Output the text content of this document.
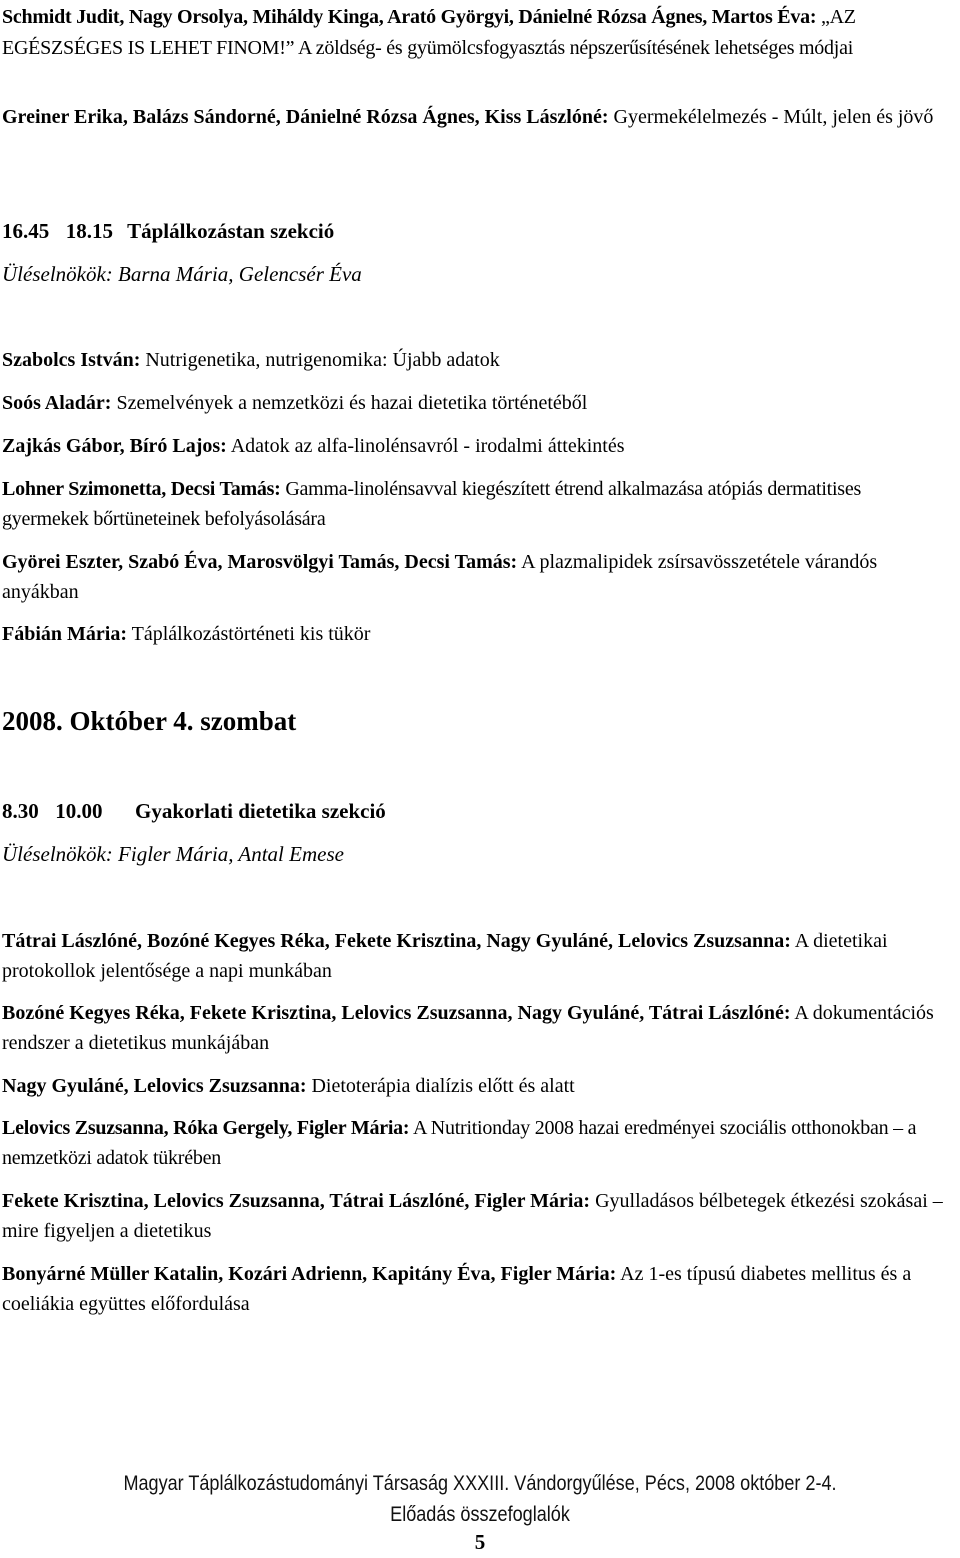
Schmidt Judit, Nagy Orsolya, Miháldy Kinga, Arató Györgyi, Dánielné Rózsa Ágnes, Martos Éva: „AZ EGÉSZSÉGES IS LEHET FINOM!” A zöldség- és gyümölcsfogyasztás népszerűsítésének lehetséges módjai

Greiner Erika, Balázs Sándorné, Dánielné Rózsa Ágnes, Kiss Lászlóné: Gyermekélelmezés - Múlt, jelen és jövő

16.45 18.15 Táplálkozástan szekció
Üléselnökök: Barna Mária, Gelencsér Éva

Szabolcs István: Nutrigenetika, nutrigenomika: Újabb adatok

Soós Aladár: Szemelvények a nemzetközi és hazai dietetika történetéből

Zajkás Gábor, Bíró Lajos: Adatok az alfa-linolénsavról - irodalmi áttekintés

Lohner Szimonetta, Decsi Tamás: Gamma-linolénsavval kiegészített étrend alkalmazása atópiás dermatitises gyermekek bőrtüneteinek befolyásolására

Györei Eszter, Szabó Éva, Marosvölgyi Tamás, Decsi Tamás: A plazmalipidek zsírsavösszetétele várandós anyákban

Fábián Mária: Táplálkozástörténeti kis tükör

2008. Október 4. szombat
8.30 10.00 Gyakorlati dietetika szekció
Üléselnökök: Figler Mária, Antal Emese

Tátrai Lászlóné, Bozóné Kegyes Réka, Fekete Krisztina, Nagy Gyuláné, Lelovics Zsuzsanna: A dietetikai protokollok jelentősége a napi munkában

Bozóné Kegyes Réka, Fekete Krisztina, Lelovics Zsuzsanna, Nagy Gyuláné, Tátrai Lászlóné: A dokumentációs rendszer a dietetikus munkájában

Nagy Gyuláné, Lelovics Zsuzsanna: Dietoterápia dialízis előtt és alatt

Lelovics Zsuzsanna, Róka Gergely, Figler Mária: A Nutritionday 2008 hazai eredményei szociális otthonokban – a nemzetközi adatok tükrében

Fekete Krisztina, Lelovics Zsuzsanna, Tátrai Lászlóné, Figler Mária: Gyulladásos bélbetegek étkezési szokásai – mire figyeljen a dietetikus

Bonyárné Müller Katalin, Kozári Adrienn, Kapitány Éva, Figler Mária: Az 1-es típusú diabetes mellitus és a coeliákia együttes előfordulása

Magyar Táplálkozástudományi Társaság XXXIII. Vándorgyűlése, Pécs, 2008 október 2-4.
Előadás összefoglalók
5
